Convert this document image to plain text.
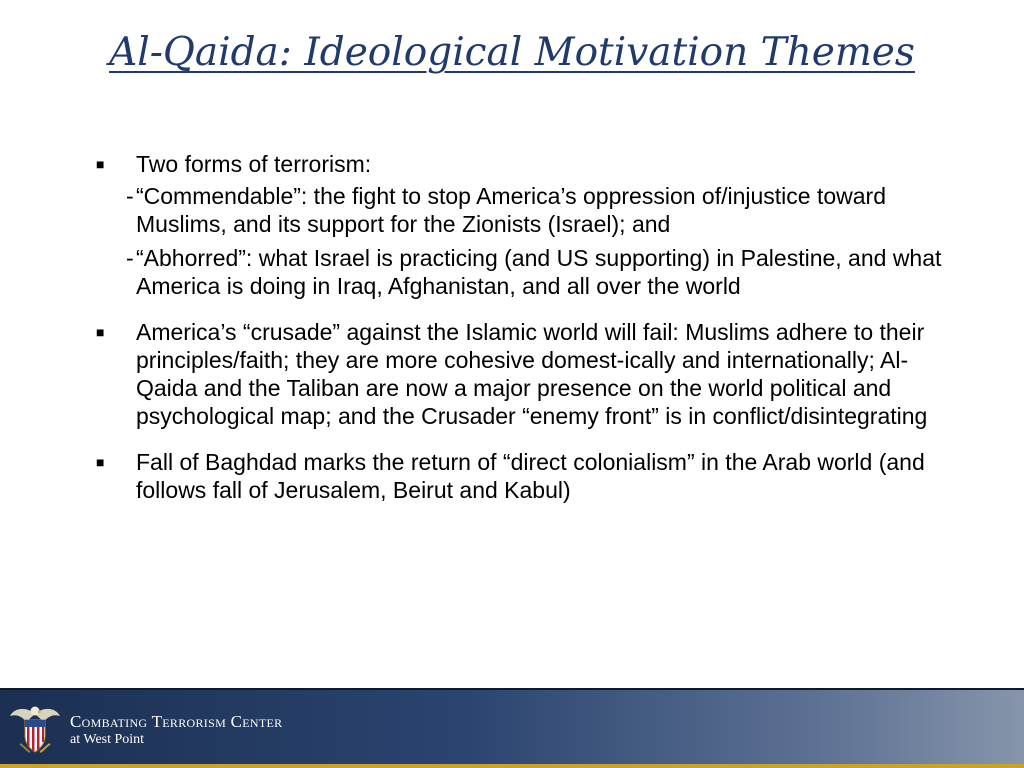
Al-Qaida: Ideological Motivation Themes
■ Two forms of terrorism:
- “Commendable”: the fight to stop America’s oppression of/injustice toward Muslims, and its support for the Zionists (Israel); and
- “Abhorred”: what Israel is practicing (and US supporting) in Palestine, and what America is doing in Iraq, Afghanistan, and all over the world
■ America’s “crusade” against the Islamic world will fail: Muslims adhere to their principles/faith; they are more cohesive domest-ically and internationally; Al-Qaida and the Taliban are now a major presence on the world political and psychological map; and the Crusader “enemy front” is in conflict/disintegrating
■ Fall of Baghdad marks the return of “direct colonialism” in the Arab world (and follows fall of Jerusalem, Beirut and Kabul)
Combating Terrorism Center
at West Point
